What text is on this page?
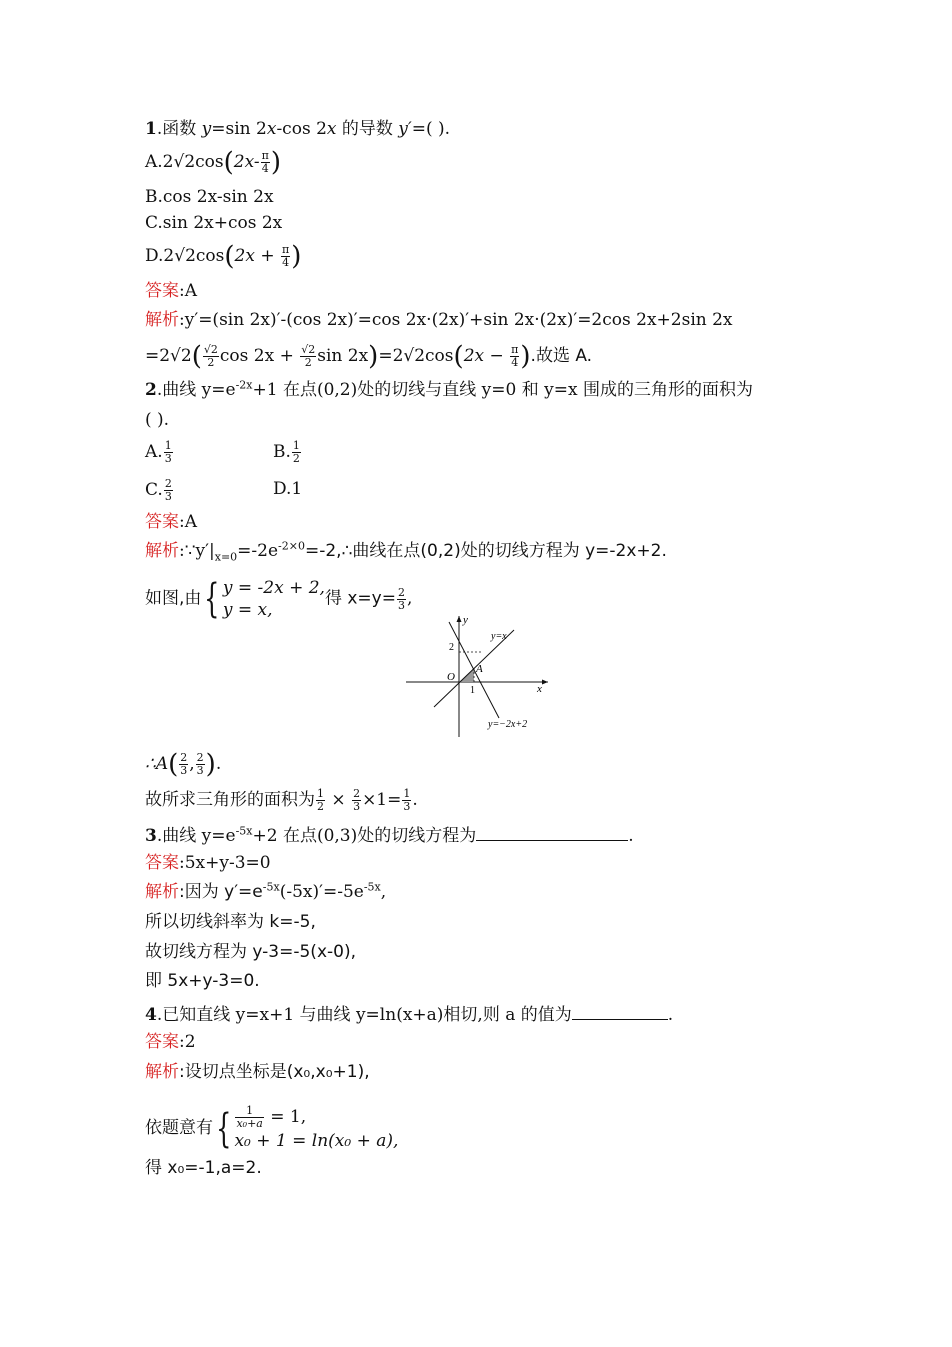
1.函数 y=sin 2x-cos 2x 的导数 y′=( ).
$A.2√2\cos(2x- \frac{\pi}{4}$ )
B.cos 2x-sin 2x
C.sin 2x+cos 2x
$D.2√2\cos(2x + \frac{\pi}{4}$ )
答案:A
解析:y′=(sin 2x)′-(cos 2x)′=cos 2x·(2x)′+sin 2x·(2x)′=2cos 2x+2sin 2x
$=2√2( \frac{√2}{2}$ $\cos 2x + \frac{√2}{2}$ $\sin 2x)=2√2\cos(2x - \frac{\pi}{4}$ ).故选 A.
2.曲线 $y=e^{-2x}+1$ 在点(0,2)处的切线与直线 y=0 和 y=x 围成的三角形的面积为
( ).
A. $\frac{1}{3}$	B. $\frac{1}{2}$
C. $\frac{2}{3}$	D.1
答案:A
解析$:\because y'|_{x=0}=-2e^{-2\times 0}=-2,\therefore$曲线在点(0,2)处的切线方程为 y=-2x+2.
如图,由{ y = -2x + 2,
y = x,
得 $x=y= \frac{2}{3}$ ,
y
x
O
2
1
A
y=x
y=−2x+2
∴A( $\frac{2}{3}$ , $\frac{2}{3}$ ).
故所求三角形的面积为 $\frac{1}{2} \times \frac{2}{3} \times 1= \frac{1}{3}$ .
3.曲线 $y=e^{-5x}+2$ 在点(0,3)处的切线方程为	.
答案:5x+y-3=0
解析:因为 $y'=e^{-5x}(-5x)'=-5e^{-5x}$,
所以切线斜率为 k=-5,
故切线方程为 y-3=-5(x-0),
即 5x+y-3=0.
4.已知直线 y=x+1 与曲线 y=ln(x+a)相切,则 a 的值为	.
答案:2
解析:设切点坐标是(x₀,x₀+1),
依题意有{ $\frac{1}{\text{x₀+a}} = 1$,
x₀ + 1 = ln(x₀ + a),
得 x₀=-1,a=2.
